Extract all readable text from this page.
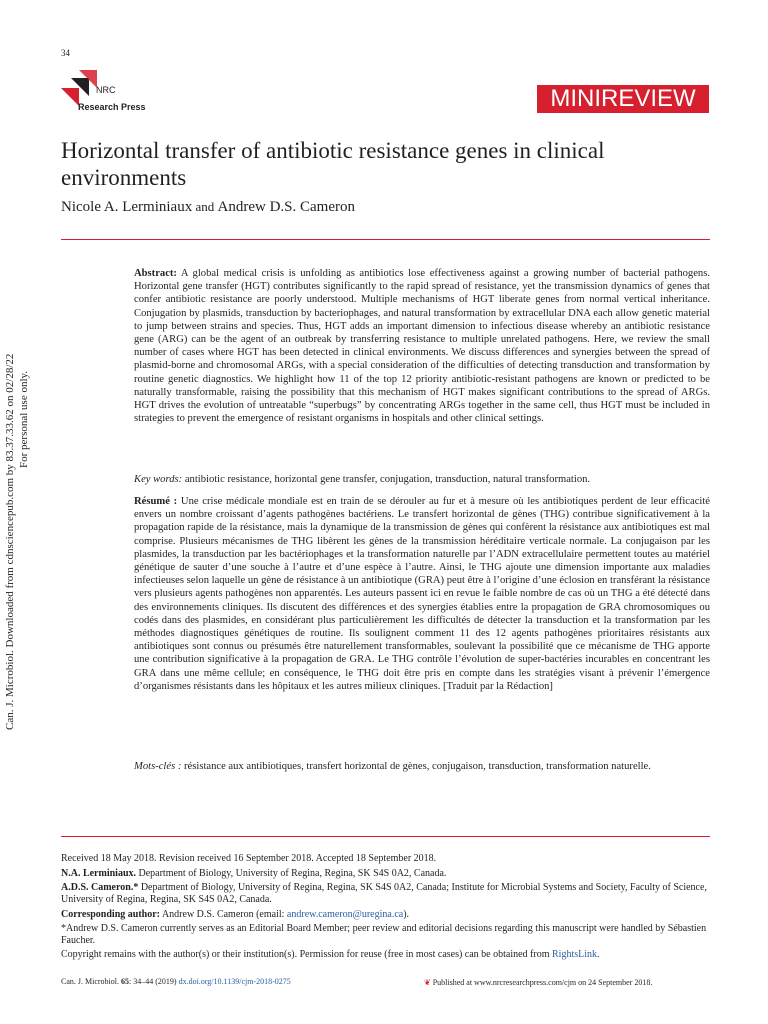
34
NRC
Research Press	MINIREVIEW
Horizontal transfer of antibiotic resistance genes in clinical environments
Nicole A. Lerminiaux and Andrew D.S. Cameron
Can. J. Microbiol. Downloaded from cdnsciencepub.com by 83.37.33.62 on 02/28/22 For personal use only.
Abstract: A global medical crisis is unfolding as antibiotics lose effectiveness against a growing number of bacterial pathogens. Horizontal gene transfer (HGT) contributes significantly to the rapid spread of resistance, yet the transmission dynamics of genes that confer antibiotic resistance are poorly understood. Multiple mechanisms of HGT liberate genes from normal vertical inheritance. Conjugation by plasmids, transduction by bacteriophages, and natural transformation by extracellular DNA each allow genetic material to jump between strains and species. Thus, HGT adds an important dimension to infectious disease whereby an antibiotic resistance gene (ARG) can be the agent of an outbreak by transferring resistance to multiple unrelated pathogens. Here, we review the small number of cases where HGT has been detected in clinical environments. We discuss differences and synergies between the spread of plasmid-borne and chromosomal ARGs, with a special consideration of the difficulties of detecting transduction and transformation by routine genetic diagnostics. We highlight how 11 of the top 12 priority antibiotic-resistant pathogens are known or predicted to be naturally transformable, raising the possibility that this mechanism of HGT makes significant contributions to the spread of ARGs. HGT drives the evolution of untreatable “superbugs” by concentrating ARGs together in the same cell, thus HGT must be included in strategies to prevent the emergence of resistant organisms in hospitals and other clinical settings.
Key words: antibiotic resistance, horizontal gene transfer, conjugation, transduction, natural transformation.
Résumé : Une crise médicale mondiale est en train de se dérouler au fur et à mesure où les antibiotiques perdent de leur efficacité envers un nombre croissant d’agents pathogènes bactériens. Le transfert horizontal de gènes (THG) contribue significativement à la propagation rapide de la résistance, mais la dynamique de la transmission de gènes qui confèrent la résistance aux antibiotiques est mal comprise. Plusieurs mécanismes de THG libèrent les gènes de la transmission héréditaire verticale normale. La conjugaison par les plasmides, la transduction par les bactériophages et la transformation naturelle par l’ADN extracellulaire permettent toutes au matériel génétique de sauter d’une souche à l’autre et d’une espèce à l’autre. Ainsi, le THG ajoute une dimension importante aux maladies infectieuses selon laquelle un gène de résistance à un antibiotique (GRA) peut être à l’origine d’une éclosion en transférant la résistance vers plusieurs agents pathogènes non apparentés. Les auteurs passent ici en revue le faible nombre de cas où un THG a été détecté dans des environnements cliniques. Ils discutent des différences et des synergies établies entre la propagation de GRA chromosomiques ou codés dans des plasmides, en considérant plus particulièrement les difficultés de détecter la transduction et la transformation par les méthodes diagnostiques génétiques de routine. Ils soulignent comment 11 des 12 agents pathogènes prioritaires résistants aux antibiotiques sont connus ou présumés être naturellement transformables, soulevant la possibilité que ce mécanisme de THG apporte une contribution significative à la propagation de GRA. Le THG contrôle l’évolution de super-bactéries incurables en concentrant les GRA dans une même cellule; en conséquence, le THG doit être pris en compte dans les stratégies visant à prévenir l’émergence d’organismes résistants dans les hôpitaux et les autres milieux cliniques. [Traduit par la Rédaction]
Mots-clés : résistance aux antibiotiques, transfert horizontal de gènes, conjugaison, transduction, transformation naturelle.
Received 18 May 2018. Revision received 16 September 2018. Accepted 18 September 2018.
N.A. Lerminiaux. Department of Biology, University of Regina, Regina, SK S4S 0A2, Canada.
A.D.S. Cameron.* Department of Biology, University of Regina, Regina, SK S4S 0A2, Canada; Institute for Microbial Systems and Society, Faculty of Science, University of Regina, Regina, SK S4S 0A2, Canada.
Corresponding author: Andrew D.S. Cameron (email: andrew.cameron@uregina.ca).
*Andrew D.S. Cameron currently serves as an Editorial Board Member; peer review and editorial decisions regarding this manuscript were handled by Sébastien Faucher.
Copyright remains with the author(s) or their institution(s). Permission for reuse (free in most cases) can be obtained from RightsLink.
Can. J. Microbiol. 65: 34–44 (2019) dx.doi.org/10.1139/cjm-2018-0275	❦ Published at www.nrcresearchpress.com/cjm on 24 September 2018.
